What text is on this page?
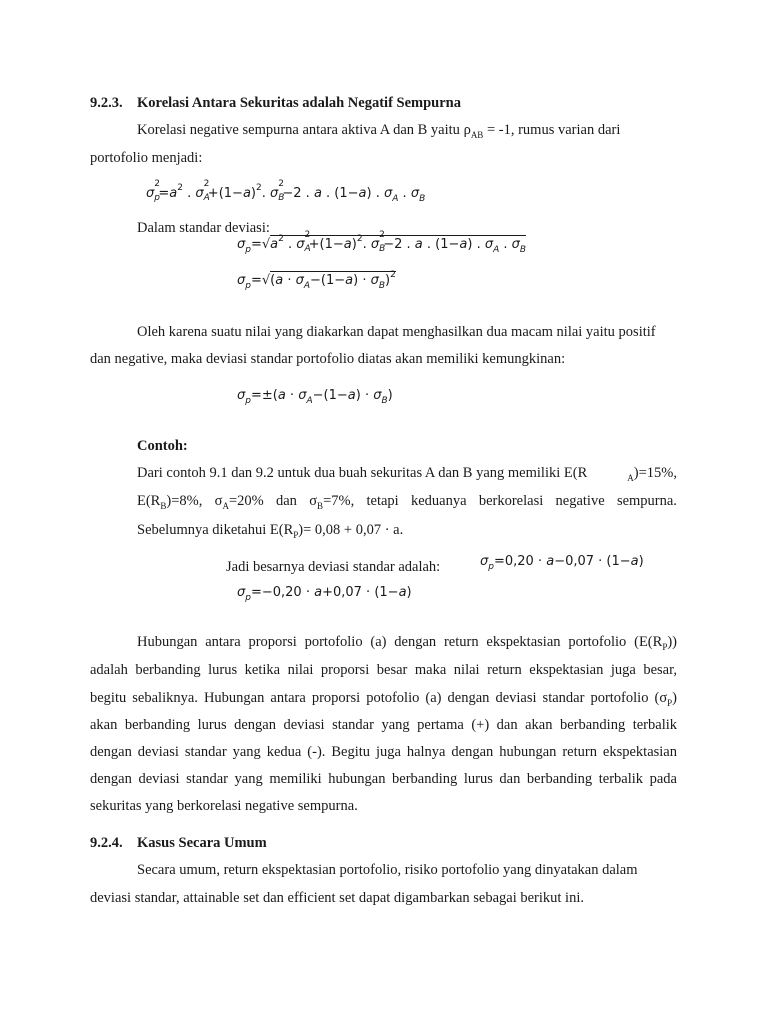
9.2.3. Korelasi Antara Sekuritas adalah Negatif Sempurna
Korelasi negative sempurna antara aktiva A dan B yaitu $\rho_{AB} = -1$, rumus varian dari
portofolio menjadi:
σ
2
p
$=a^2$ . σ
2
A
$+(1-a)^2$. σ
2
B
−2 . a . (1−a) . $\sigma_A$ . $\sigma_B$
Dalam standar deviasi:
$\sigma_p=√a^2$ . σ
2
A
$+(1-a)^2$. σ
2
B
−2 . a . (1−a) . $\sigma_A$ . $\sigma_B$
$\sigma_p=√(a \cdot \sigma_A-(1-a) \cdot \sigma_B)^2$
Oleh karena suatu nilai yang diakarkan dapat menghasilkan dua macam nilai yaitu positif
dan negative, maka deviasi standar portofolio diatas akan memiliki kemungkinan:
$\sigma_p=\pm(a \cdot \sigma_A-(1-a) \cdot \sigma_B)$
Contoh:
Dari contoh 9.1 dan 9.2 untuk dua buah sekuritas A dan B yang memiliki E(R	$_A$)=15%,
$E(R_B)=8\%$, $\sigma_A=20\%$ dan $\sigma_B=7\%$, tetapi keduanya berkorelasi negative sempurna.
Sebelumnya diketahui $E(R_P)= 0,08 + 0,07 \cdot a$.
Jadi besarnya deviasi standar adalah:	$\sigma_p=0,20 \cdot a-0,07 \cdot (1-a)$
$\sigma_p=-0,20 \cdot a+0,07 \cdot (1-a)$
Hubungan antara proporsi portofolio (a) dengan return ekspektasian portofolio $(E(R_P))$
adalah berbanding lurus ketika nilai proporsi besar maka nilai return ekspektasian juga besar,
begitu sebaliknya. Hubungan antara proporsi potofolio (a) dengan deviasi standar portofolio $(\sigma_P)$
akan berbanding lurus dengan deviasi standar yang pertama (+) dan akan berbanding terbalik
dengan deviasi standar yang kedua (-). Begitu juga halnya dengan hubungan return ekspektasian
dengan deviasi standar yang memiliki hubungan berbanding lurus dan berbanding terbalik pada
sekuritas yang berkorelasi negative sempurna.
9.2.4. Kasus Secara Umum
Secara umum, return ekspektasian portofolio, risiko portofolio yang dinyatakan dalam
deviasi standar, attainable set dan efficient set dapat digambarkan sebagai berikut ini.
